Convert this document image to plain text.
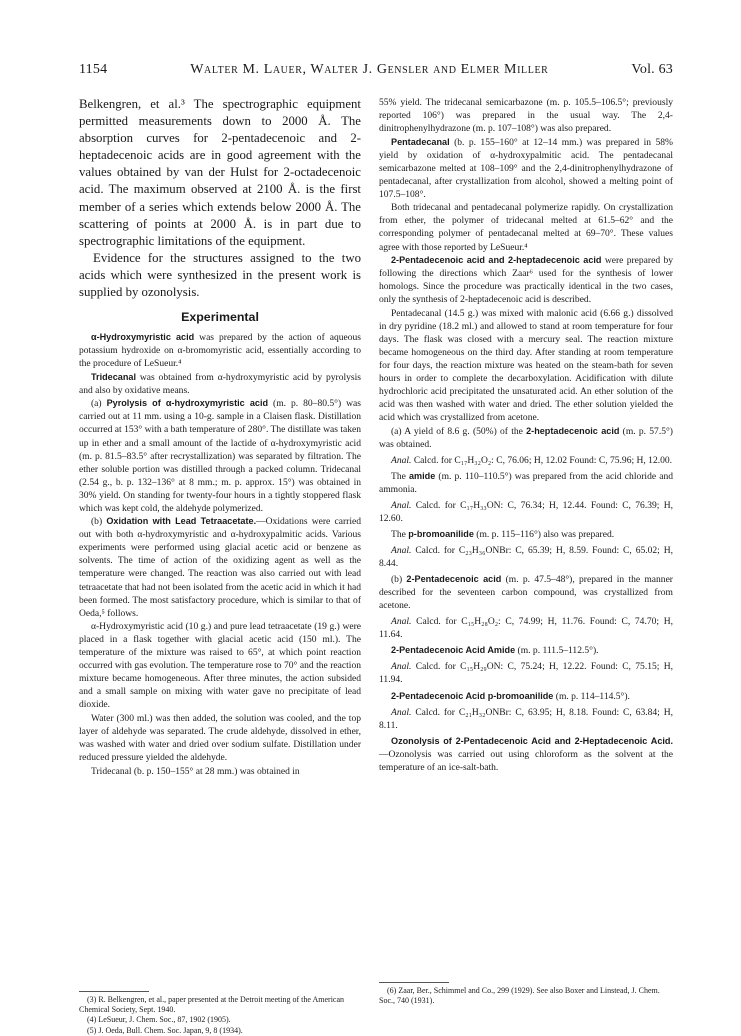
1154	Walter M. Lauer, Walter J. Gensler and Elmer Miller	Vol. 63

Belkengren, et al.³ The spectrographic equipment permitted measurements down to 2000 Å. The absorption curves for 2-pentadecenoic and 2-heptadecenoic acids are in good agreement with the values obtained by van der Hulst for 2-octadecenoic acid. The maximum observed at 2100 Å. is the first member of a series which extends below 2000 Å. The scattering of points at 2000 Å. is in part due to spectrographic limitations of the equipment.

Evidence for the structures assigned to the two acids which were synthesized in the present work is supplied by ozonolysis.

Experimental

α-Hydroxymyristic acid was prepared by the action of aqueous potassium hydroxide on α-bromomyristic acid, essentially according to the procedure of LeSueur.⁴

Tridecanal was obtained from α-hydroxymyristic acid by pyrolysis and also by oxidative means.

(a) Pyrolysis of α-hydroxymyristic acid (m. p. 80–80.5°) was carried out at 11 mm. using a 10-g. sample in a Claisen flask. Distillation occurred at 153° with a bath temperature of 280°. The distillate was taken up in ether and a small amount of the lactide of α-hydroxymyristic acid (m. p. 81.5–83.5° after recrystallization) was separated by filtration. The ether soluble portion was distilled through a packed column. Tridecanal (2.54 g., b. p. 132–136° at 8 mm.; m. p. approx. 15°) was obtained in 30% yield. On standing for twenty-four hours in a tightly stoppered flask which was kept cold, the aldehyde polymerized.

(b) Oxidation with Lead Tetraacetate.—Oxidations were carried out with both α-hydroxymyristic and α-hydroxypalmitic acids. Various experiments were performed using glacial acetic acid or benzene as solvents. The time of action of the oxidizing agent as well as the temperature were changed. The reaction was also carried out with lead tetraacetate that had not been isolated from the acetic acid in which it had been formed. The most satisfactory procedure, which is similar to that of Oeda,⁵ follows.

α-Hydroxymyristic acid (10 g.) and pure lead tetraacetate (19 g.) were placed in a flask together with glacial acetic acid (150 ml.). The temperature of the mixture was raised to 65°, at which point reaction occurred with gas evolution. The temperature rose to 70° and the reaction mixture became homogeneous. After three minutes, the action subsided and a small sample on mixing with water gave no precipitate of lead dioxide.

Water (300 ml.) was then added, the solution was cooled, and the top layer of aldehyde was separated. The crude aldehyde, dissolved in ether, was washed with water and dried over sodium sulfate. Distillation under reduced pressure yielded the aldehyde.

Tridecanal (b. p. 150–155° at 28 mm.) was obtained in

(3) R. Belkengren, et al., paper presented at the Detroit meeting of the American Chemical Society, Sept. 1940.

(4) LeSueur, J. Chem. Soc., 87, 1902 (1905).

(5) J. Oeda, Bull. Chem. Soc. Japan, 9, 8 (1934).

55% yield. The tridecanal semicarbazone (m. p. 105.5–106.5°; previously reported 106°) was prepared in the usual way. The 2,4-dinitrophenylhydrazone (m. p. 107–108°) was also prepared.

Pentadecanal (b. p. 155–160° at 12–14 mm.) was prepared in 58% yield by oxidation of α-hydroxypalmitic acid. The pentadecanal semicarbazone melted at 108–109° and the 2,4-dinitrophenylhydrazone of pentadecanal, after crystallization from alcohol, showed a melting point of 107.5–108°.

Both tridecanal and pentadecanal polymerize rapidly. On crystallization from ether, the polymer of tridecanal melted at 61.5–62° and the corresponding polymer of pentadecanal melted at 69–70°. These values agree with those reported by LeSueur.⁴

2-Pentadecenoic acid and 2-heptadecenoic acid were prepared by following the directions which Zaar⁶ used for the synthesis of lower homologs. Since the procedure was practically identical in the two cases, only the synthesis of 2-heptadecenoic acid is described.

Pentadecanal (14.5 g.) was mixed with malonic acid (6.66 g.) dissolved in dry pyridine (18.2 ml.) and allowed to stand at room temperature for four days. The flask was closed with a mercury seal. The reaction mixture became homogeneous on the third day. After standing at room temperature for four days, the reaction mixture was heated on the steam-bath for seven hours in order to complete the decarboxylation. Acidification with dilute hydrochloric acid precipitated the unsaturated acid. An ether solution of the acid was then washed with water and dried. The ether solution yielded the acid which was crystallized from acetone.

(a) A yield of 8.6 g. (50%) of the 2-heptadecenoic acid (m. p. 57.5°) was obtained.

Anal. Calcd. for C₁₇H₃₂O₂: C, 76.06; H, 12.02 Found: C, 75.96; H, 12.00.

The amide (m. p. 110–110.5°) was prepared from the acid chloride and ammonia.

Anal. Calcd. for C₁₇H₃₃ON: C, 76.34; H, 12.44. Found: C, 76.39; H, 12.60.

The p-bromoanilide (m. p. 115–116°) also was prepared.

Anal. Calcd. for C₂₃H₃₆ONBr: C, 65.39; H, 8.59. Found: C, 65.02; H, 8.44.

(b) 2-Pentadecenoic acid (m. p. 47.5–48°), prepared in the manner described for the seventeen carbon compound, was crystallized from acetone.

Anal. Calcd. for C₁₅H₂₈O₂: C, 74.99; H, 11.76. Found: C, 74.70; H, 11.64.

2-Pentadecenoic Acid Amide (m. p. 111.5–112.5°).

Anal. Calcd. for C₁₅H₂₉ON: C, 75.24; H, 12.22. Found: C, 75.15; H, 11.94.

2-Pentadecenoic Acid p-bromoanilide (m. p. 114–114.5°).

Anal. Calcd. for C₂₁H₃₂ONBr: C, 63.95; H, 8.18. Found: C, 63.84; H, 8.11.

Ozonolysis of 2-Pentadecenoic Acid and 2-Heptadecenoic Acid.—Ozonolysis was carried out using chloroform as the solvent at the temperature of an ice-salt-bath.

(6) Zaar, Ber., Schimmel and Co., 299 (1929). See also Boxer and Linstead, J. Chem. Soc., 740 (1931).
